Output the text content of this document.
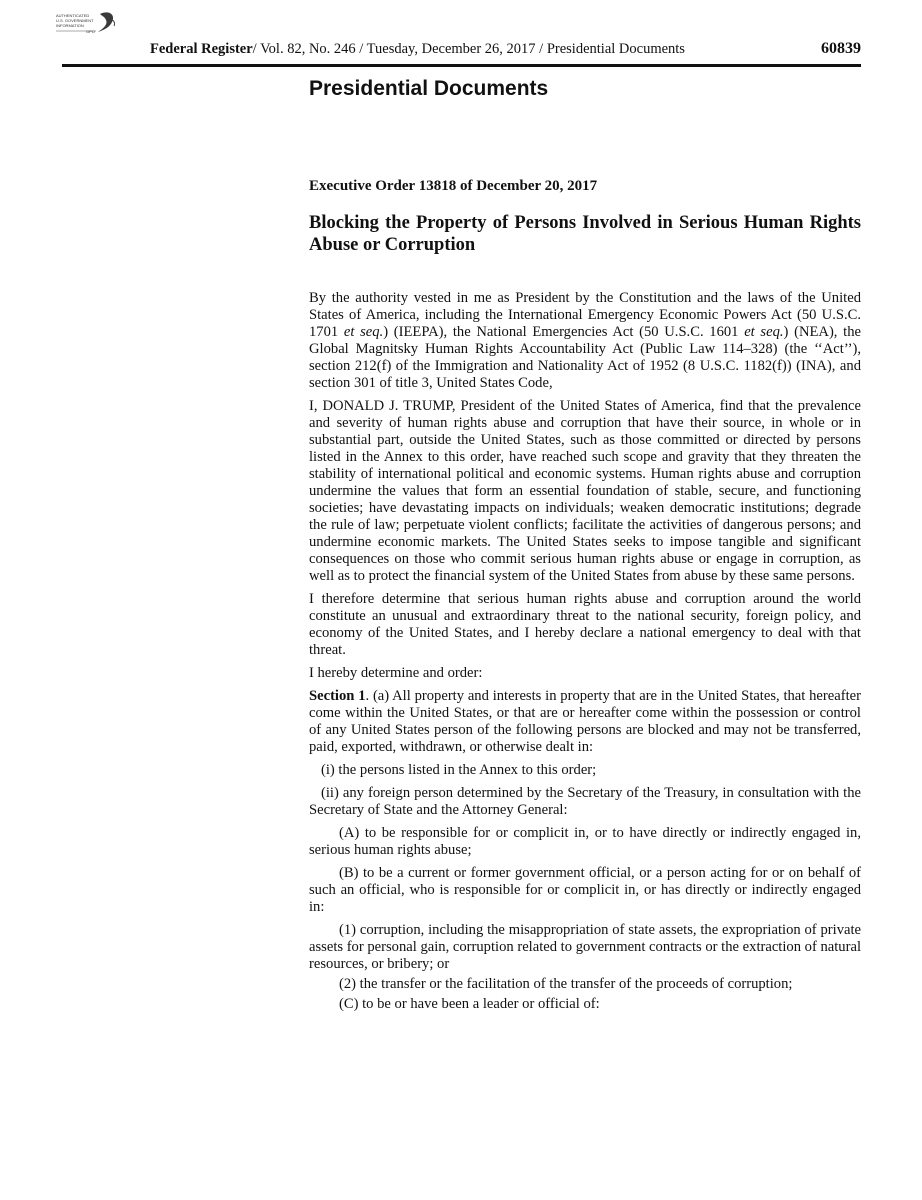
AUTHENTICATED
U.S. GOVERNMENT
INFORMATION
GPO
Federal Register/ Vol. 82, No. 246 / Tuesday, December 26, 2017 / Presidential Documents	60839
Presidential Documents
Executive Order 13818 of December 20, 2017
Blocking the Property of Persons Involved in Serious Human Rights Abuse or Corruption

By the authority vested in me as President by the Constitution and the laws of the United States of America, including the International Emergency Economic Powers Act (50 U.S.C. 1701 et seq.) (IEEPA), the National Emergencies Act (50 U.S.C. 1601 et seq.) (NEA), the Global Magnitsky Human Rights Accountability Act (Public Law 114–328) (the ‘‘Act’’), section 212(f) of the Immigration and Nationality Act of 1952 (8 U.S.C. 1182(f)) (INA), and section 301 of title 3, United States Code,

I, DONALD J. TRUMP, President of the United States of America, find that the prevalence and severity of human rights abuse and corruption that have their source, in whole or in substantial part, outside the United States, such as those committed or directed by persons listed in the Annex to this order, have reached such scope and gravity that they threaten the stability of international political and economic systems. Human rights abuse and corruption undermine the values that form an essential foundation of stable, secure, and functioning societies; have devastating impacts on individuals; weaken democratic institutions; degrade the rule of law; perpetuate violent conflicts; facilitate the activities of dangerous persons; and undermine economic markets. The United States seeks to impose tangible and significant consequences on those who commit serious human rights abuse or engage in corruption, as well as to protect the financial system of the United States from abuse by these same persons.

I therefore determine that serious human rights abuse and corruption around the world constitute an unusual and extraordinary threat to the national security, foreign policy, and economy of the United States, and I hereby declare a national emergency to deal with that threat.

I hereby determine and order:

Section 1. (a) All property and interests in property that are in the United States, that hereafter come within the United States, or that are or hereafter come within the possession or control of any United States person of the following persons are blocked and may not be transferred, paid, exported, withdrawn, or otherwise dealt in:

(i) the persons listed in the Annex to this order;

(ii) any foreign person determined by the Secretary of the Treasury, in consultation with the Secretary of State and the Attorney General:

(A) to be responsible for or complicit in, or to have directly or indirectly engaged in, serious human rights abuse;

(B) to be a current or former government official, or a person acting for or on behalf of such an official, who is responsible for or complicit in, or has directly or indirectly engaged in:

(1) corruption, including the misappropriation of state assets, the expropriation of private assets for personal gain, corruption related to government contracts or the extraction of natural resources, or bribery; or

(2) the transfer or the facilitation of the transfer of the proceeds of corruption;

(C) to be or have been a leader or official of:
